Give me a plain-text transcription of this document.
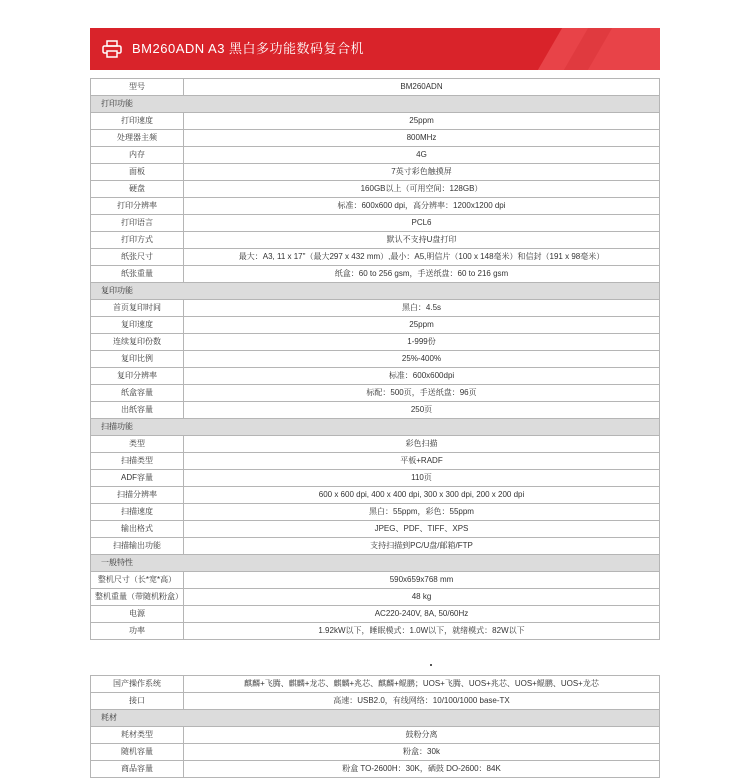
BM260ADN A3 黑白多功能数码复合机
型号	BM260ADN
打印功能	
打印速度	25ppm
处理器主频	800MHz
内存	4G
面板	7英寸彩色触摸屏
硬盘	160GB以上（可用空间：128GB）
打印分辨率	标准：600x600 dpi，高分辨率：1200x1200 dpi
打印语言	PCL6
打印方式	默认不支持U盘打印
纸张尺寸	最大：A3, 11 x 17"（最大297 x 432 mm）,最小：A5,明信片（100 x 148毫米）和信封（191 x 98毫米）
纸张重量	纸盒：60 to 256 gsm，手送纸盘：60 to 216 gsm
复印功能	
首页复印时间	黑白：4.5s
复印速度	25ppm
连续复印份数	1-999份
复印比例	25%-400%
复印分辨率	标准：600x600dpi
纸盒容量	标配：500页，手送纸盘：96页
出纸容量	250页
扫描功能	
类型	彩色扫描
扫描类型	平板+RADF
ADF容量	110页
扫描分辨率	600 x 600 dpi, 400 x 400 dpi, 300 x 300 dpi, 200 x 200 dpi
扫描速度	黑白：55ppm，彩色：55ppm
输出格式	JPEG、PDF、TIFF、XPS
扫描输出功能	支持扫描到PC/U盘/邮箱/FTP
一般特性	
整机尺寸（长*宽*高）	590x659x768 mm
整机重量（带随机粉盒）	48 kg
电源	AC220-240V, 8A, 50/60Hz
功率	1.92kW以下，睡眠模式：1.0W以下，就绪模式：82W以下
国产操作系统	麒麟+飞腾、麒麟+龙芯、麒麟+兆芯、麒麟+鲲鹏；UOS+飞腾、UOS+兆芯、UOS+鲲鹏、UOS+龙芯
接口	高速：USB2.0，有线网络：10/100/1000 base-TX
耗材	
耗材类型	鼓粉分离
随机容量	粉盒：30k
商品容量	粉盒 TO-2600H：30K，硒鼓 DO-2600：84K
